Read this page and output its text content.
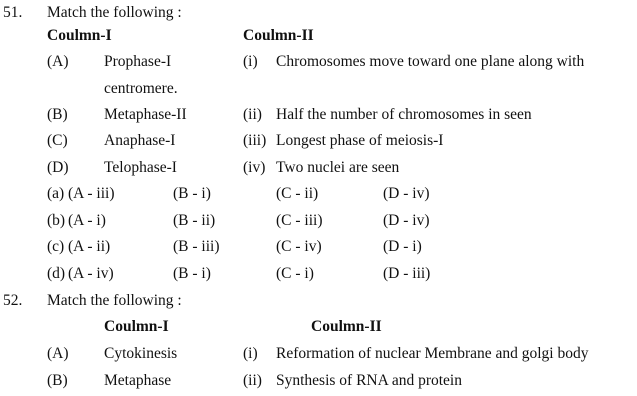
51. Match the following :
Coulmn-I	Coulmn-II
(A) Prophase-I	(i) Chromosomes move toward one plane along with
centromere.
(B) Metaphase-II	(ii) Half the number of chromosomes in seen
(C) Anaphase-I	(iii) Longest phase of meiosis-I
(D) Telophase-I	(iv) Two nuclei are seen
(a) (A - iii)	(B - i)	(C - ii)	(D - iv)
(b) (A - i)	(B - ii)	(C - iii)	(D - iv)
(c) (A - ii)	(B - iii)	(C - iv)	(D - i)
(d) (A - iv)	(B - i)	(C - i)	(D - iii)
52. Match the following :
Coulmn-I	Coulmn-II
(A) Cytokinesis	(i) Reformation of nuclear Membrane and golgi body
(B) Metaphase	(ii) Synthesis of RNA and protein
